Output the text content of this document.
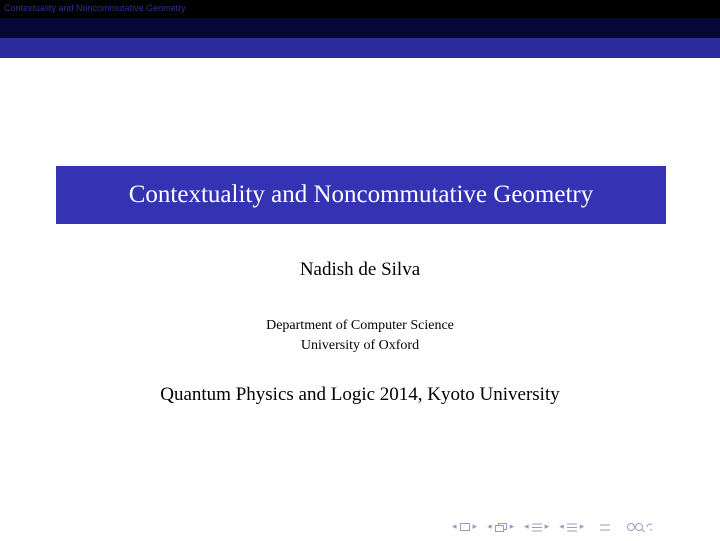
Contextuality and Noncommutative Geometry
Contextuality and Noncommutative Geometry
Nadish de Silva
Department of Computer Science
University of Oxford
Quantum Physics and Logic 2014, Kyoto University
◂ ▸ ◂ ▸ ◂ ▸ ◂ ▸
